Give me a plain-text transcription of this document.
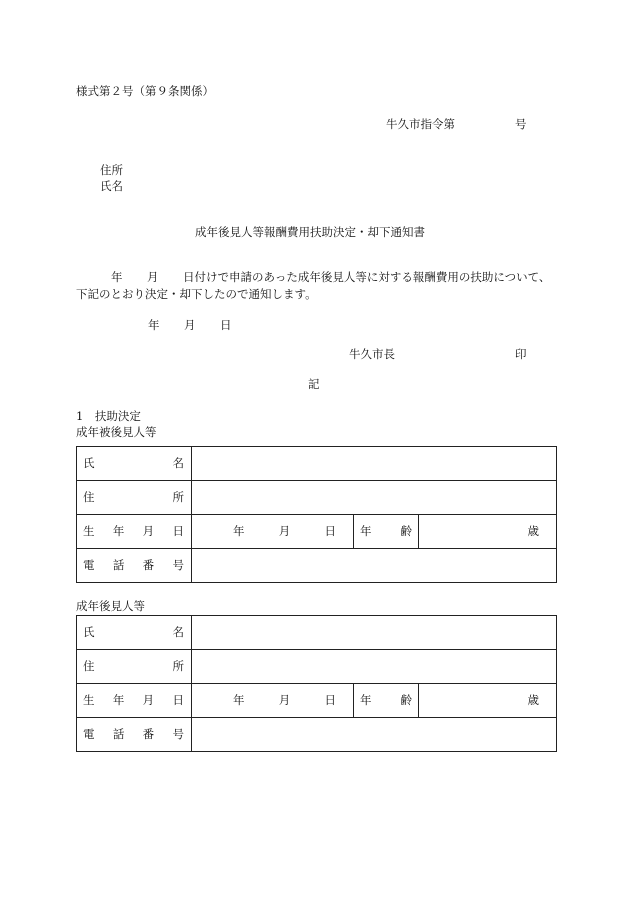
様式第２号（第９条関係）
牛久市指令第	号
住所
氏名
成年後見人等報酬費用扶助決定・却下通知書
年 月 日付けで申請のあった成年後見人等に対する報酬費用の扶助について、
下記のとおり決定・却下したので通知します。
年 月 日
牛久市長	印
記
1　扶助決定
成年被後見人等
氏 名			

住 所			

生 年 月 日	年 月 日	年 齢	歳

電 話 番 号			

成年後見人等
氏 名			

住 所			

生 年 月 日	年 月 日	年 齢	歳

電 話 番 号			
